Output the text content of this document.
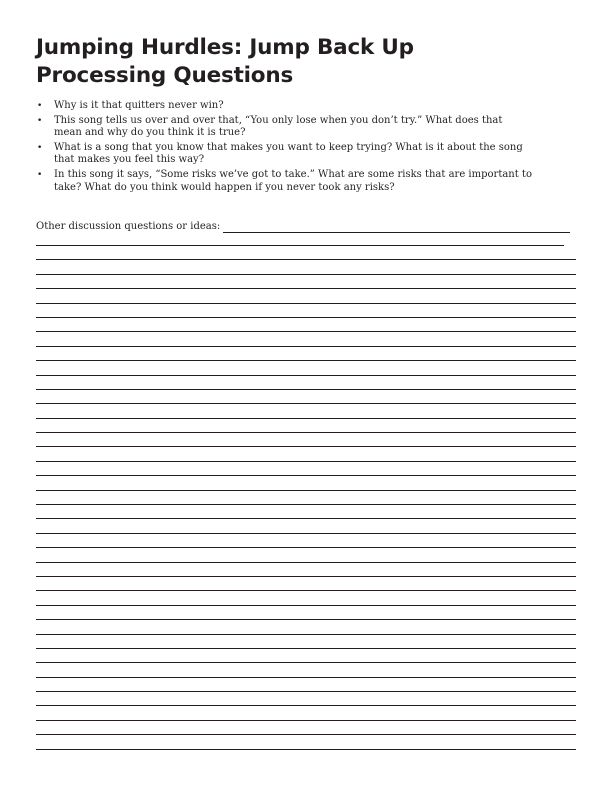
Jumping Hurdles: Jump Back Up
Processing Questions
• Why is it that quitters never win?
• This song tells us over and over that, “You only lose when you don’t try.” What does that
mean and why do you think it is true?
• What is a song that you know that makes you want to keep trying? What is it about the song
that makes you feel this way?
• In this song it says, “Some risks we’ve got to take.” What are some risks that are important to
take? What do you think would happen if you never took any risks?
Other discussion questions or ideas:
